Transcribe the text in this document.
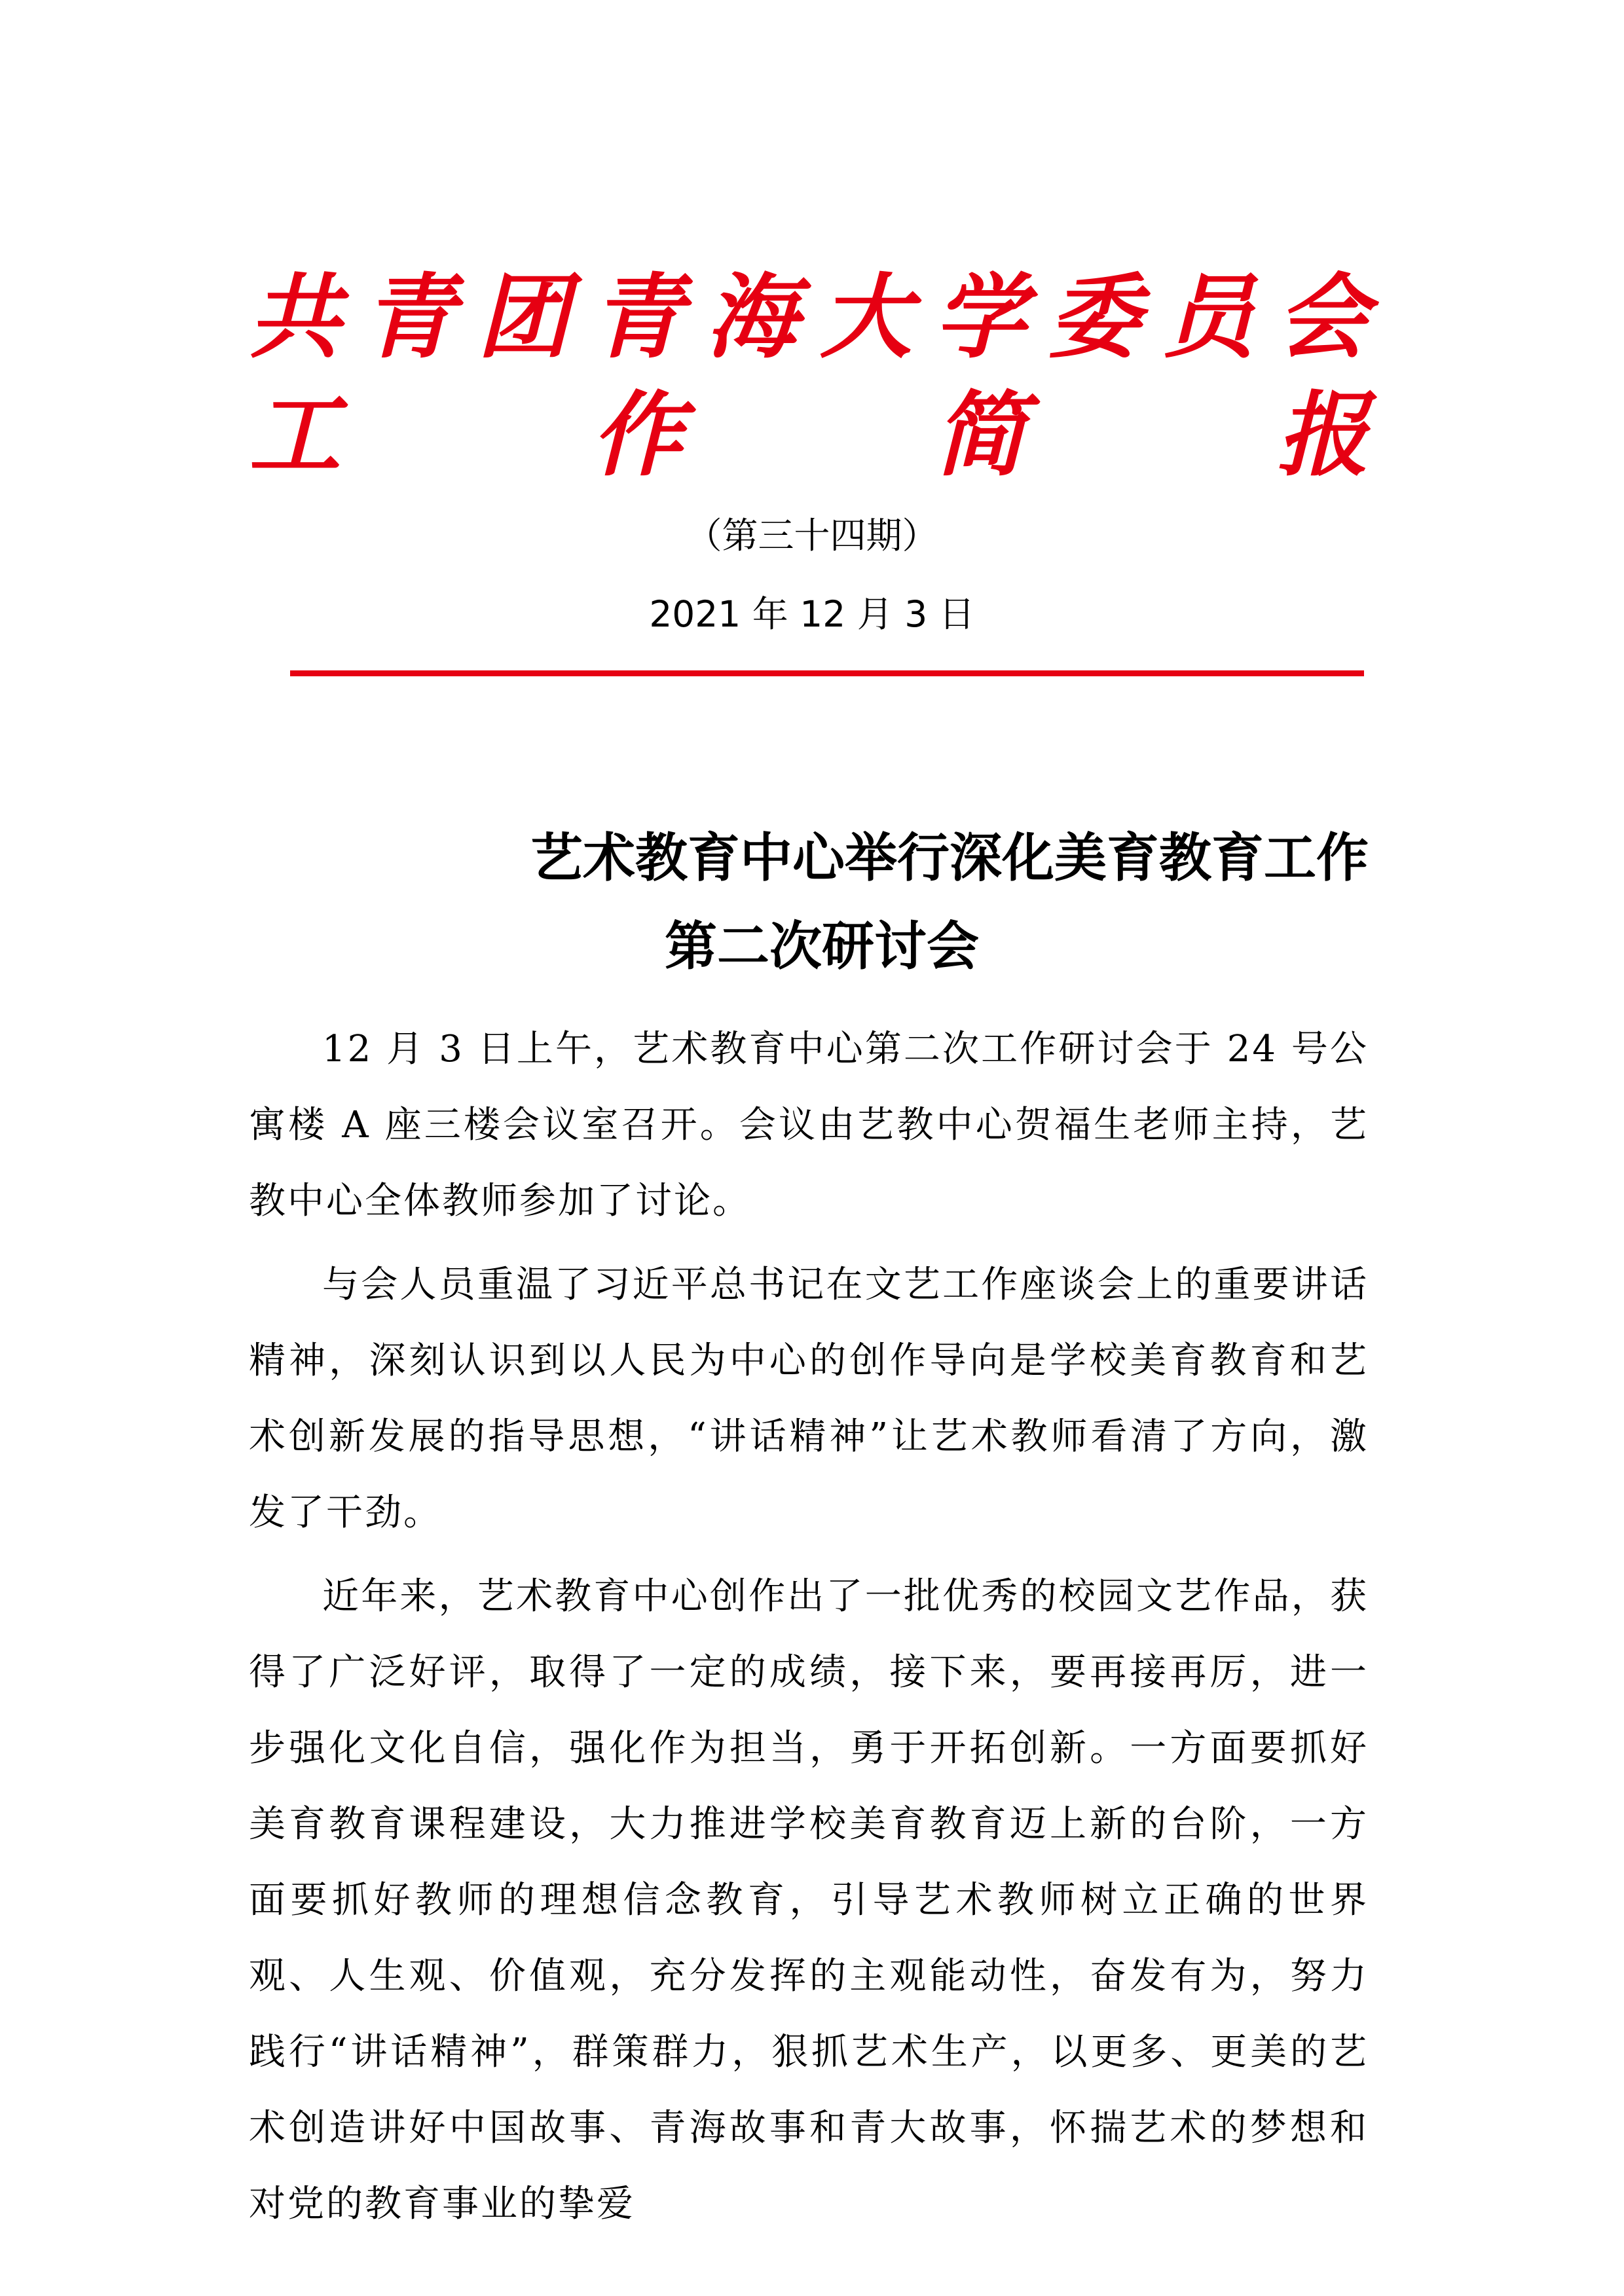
共 青 团 青 海 大 学 委 员 会
工	作	简	报
（第三十四期）
2021 年 12 月 3 日
艺术教育中心举行深化美育教育工作
第二次研讨会

12 月 3 日上午，艺术教育中心第二次工作研讨会于 24 号公寓楼 A 座三楼会议室召开。会议由艺教中心贺福生老师主持，艺教中心全体教师参加了讨论。

与会人员重温了习近平总书记在文艺工作座谈会上的重要讲话精神，深刻认识到以人民为中心的创作导向是学校美育教育和艺术创新发展的指导思想，“讲话精神”让艺术教师看清了方向，激发了干劲。

近年来，艺术教育中心创作出了一批优秀的校园文艺作品，获得了广泛好评，取得了一定的成绩，接下来，要再接再厉，进一步强化文化自信，强化作为担当，勇于开拓创新。一方面要抓好美育教育课程建设，大力推进学校美育教育迈上新的台阶，一方面要抓好教师的理想信念教育，引导艺术教师树立正确的世界观、人生观、价值观，充分发挥的主观能动性，奋发有为，努力践行“讲话精神”，群策群力，狠抓艺术生产，以更多、更美的艺术创造讲好中国故事、青海故事和青大故事，怀揣艺术的梦想和对党的教育事业的挚爱
